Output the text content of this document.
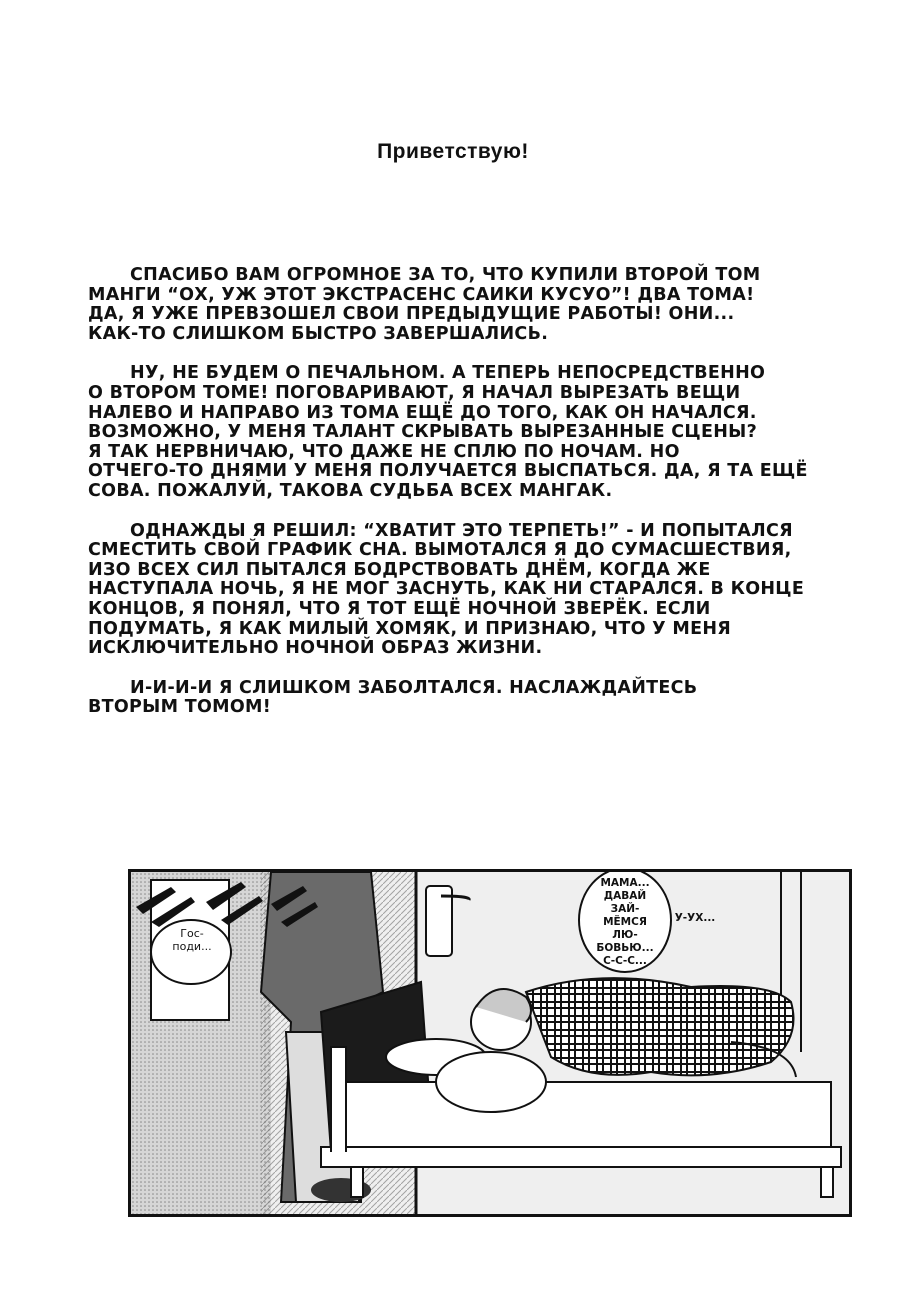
Приветствую!

СПАСИБО ВАМ ОГРОМНОЕ ЗА ТО, ЧТО КУПИЛИ ВТОРОЙ ТОМ
МАНГИ “ОХ, УЖ ЭТОТ ЭКСТРАСЕНС САИКИ КУСУО”! ДВА ТОМА!
ДА, Я УЖЕ ПРЕВЗОШЕЛ СВОИ ПРЕДЫДУЩИЕ РАБОТЫ! ОНИ...
КАК-ТО СЛИШКОМ БЫСТРО ЗАВЕРШАЛИСЬ.

НУ, НЕ БУДЕМ О ПЕЧАЛЬНОМ. А ТЕПЕРЬ НЕПОСРЕДСТВЕННО
О ВТОРОМ ТОМЕ! ПОГОВАРИВАЮТ, Я НАЧАЛ ВЫРЕЗАТЬ ВЕЩИ
НАЛЕВО И НАПРАВО ИЗ ТОМА ЕЩЁ ДО ТОГО, КАК ОН НАЧАЛСЯ.
ВОЗМОЖНО, У МЕНЯ ТАЛАНТ СКРЫВАТЬ ВЫРЕЗАННЫЕ СЦЕНЫ?
Я ТАК НЕРВНИЧАЮ, ЧТО ДАЖЕ НЕ СПЛЮ ПО НОЧАМ. НО
ОТЧЕГО-ТО ДНЯМИ У МЕНЯ ПОЛУЧАЕТСЯ ВЫСПАТЬСЯ. ДА, Я ТА ЕЩЁ
СОВА. ПОЖАЛУЙ, ТАКОВА СУДЬБА ВСЕХ МАНГАК.

ОДНАЖДЫ Я РЕШИЛ: “ХВАТИТ ЭТО ТЕРПЕТЬ!” - И ПОПЫТАЛСЯ
СМЕСТИТЬ СВОЙ ГРАФИК СНА. ВЫМОТАЛСЯ Я ДО СУМАСШЕСТВИЯ,
ИЗО ВСЕХ СИЛ ПЫТАЛСЯ БОДРСТВОВАТЬ ДНЁМ, КОГДА ЖЕ
НАСТУПАЛА НОЧЬ, Я НЕ МОГ ЗАСНУТЬ, КАК НИ СТАРАЛСЯ. В КОНЦЕ
КОНЦОВ, Я ПОНЯЛ, ЧТО Я ТОТ ЕЩЁ НОЧНОЙ ЗВЕРЁК. ЕСЛИ
ПОДУМАТЬ, Я КАК МИЛЫЙ ХОМЯК, И ПРИЗНАЮ, ЧТО У МЕНЯ
ИСКЛЮЧИТЕЛЬНО НОЧНОЙ ОБРАЗ ЖИЗНИ.

И-И-И-И Я СЛИШКОМ ЗАБОЛТАЛСЯ. НАСЛАЖДАЙТЕСЬ
ВТОРЫМ ТОМОМ!

Гос-
поди...
МАМА...
ДАВАЙ
ЗАЙ-
МЁМСЯ
ЛЮ-
БОВЬЮ...
С-С-С...
У-УХ...
